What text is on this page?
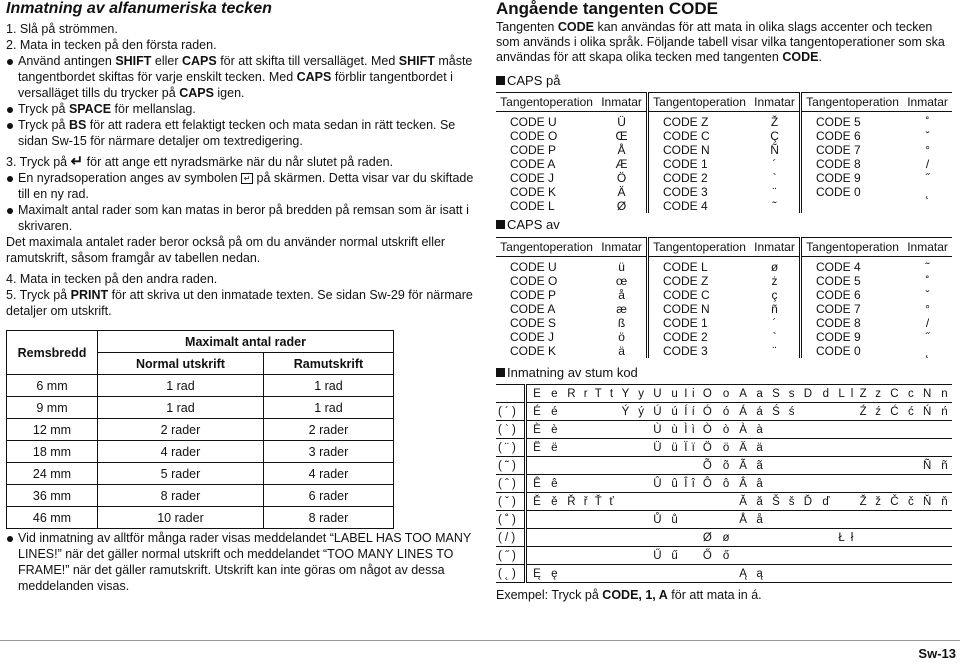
Inmatning av alfanumeriska tecken

1. Slå på strömmen.

2. Mata in tecken på den första raden.

Använd antingen SHIFT eller CAPS för att skifta till versalläget. Med SHIFT måste tangentbordet skiftas för varje enskilt tecken. Med CAPS förblir tangentbordet i versalläget tills du trycker på CAPS igen.

Tryck på SPACE för mellanslag.

Tryck på BS för att radera ett felaktigt tecken och mata sedan in rätt tecken. Se sidan Sw-15 för närmare detaljer om textredigering.

3. Tryck på ↵ för att ange ett nyradsmärke när du når slutet på raden.

En nyradsoperation anges av symbolen ↵ på skärmen. Detta visar var du skiftade till en ny rad.

Maximalt antal rader som kan matas in beror på bredden på remsan som är isatt i skrivaren.

Det maximala antalet rader beror också på om du använder normal utskrift eller ramutskrift, såsom framgår av tabellen nedan.

4. Mata in tecken på den andra raden.

5. Tryck på PRINT för att skriva ut den inmatade texten. Se sidan Sw-29 för närmare detaljer om utskrift.

Remsbredd	Maximalt antal rader	
	Normal utskrift	Ramutskrift
6 mm	1 rad	1 rad
9 mm	1 rad	1 rad
12 mm	2 rader	2 rader
18 mm	4 rader	3 rader
24 mm	5 rader	4 rader
36 mm	8 rader	6 rader
46 mm	10 rader	8 rader

Vid inmatning av alltför många rader visas meddelandet “LABEL HAS TOO MANY LINES!” när det gäller normal utskrift och meddelandet “TOO MANY LINES TO FRAME!” när det gäller ramutskrift. Utskrift kan inte göras om något av dessa meddelanden visas.

Angående tangenten CODE

Tangenten CODE kan användas för att mata in olika slags accenter och tecken som används i olika språk. Följande tabell visar vilka tangentoperationer som ska användas för att skapa olika tecken med tangenten CODE.

CAPS på

Tangentoperation	Inmatar	Tangentoperation	Inmatar	Tangentoperation	Inmatar
CODE U	Ü	CODE Z	Ž	CODE 5	˚
CODE O	Œ	CODE C	Ç	CODE 6	ˇ
CODE P	Å	CODE N	Ñ	CODE 7	°
CODE A	Æ	CODE 1	´	CODE 8	/
CODE J	Ö	CODE 2	`	CODE 9	˝
CODE K	Ä	CODE 3	¨	CODE 0	˛
CODE L	Ø	CODE 4	˜		

CAPS av

Tangentoperation	Inmatar	Tangentoperation	Inmatar	Tangentoperation	Inmatar
CODE U	ü	CODE L	ø	CODE 4	˜
CODE O	œ	CODE Z	ż	CODE 5	˚
CODE P	å	CODE C	ç	CODE 6	ˇ
CODE A	æ	CODE N	ñ	CODE 7	°
CODE S	ß	CODE 1	´	CODE 8	/
CODE J	ö	CODE 2	`	CODE 9	˝
CODE K	ä	CODE 3	¨	CODE 0	˛

Inmatning av stum kod

	E	e	R	r	T	t	Y	y	U	u	I	i	O	o	A	a	S	s	D	d	L	l	Z	z	C	c	N	n
( ´ )	É	é					Ý	ý	Ú	ú	Í	í	Ó	ó	Á	á	Ś	ś					Ź	ź	Ć	ć	Ń	ń
( ` )	È	è							Ù	ù	Ì	ì	Ò	ò	À	à												
( ¨ )	Ë	ë							Ü	ü	Ï	ï	Ö	ö	Ä	ä												
( ˜ )													Õ	õ	Ã	ã											Ñ	ñ
( ˆ )	Ê	ê							Û	û	Î	î	Ô	ô	Â	â												
( ˇ )	Ě	ě	Ř	ř	Ť	ť									Ă	ă	Š	š	Ď	ď			Ž	ž	Č	č	Ň	ň
( ˚ )									Ů	ů					Å	å												
( / )													Ø	ø							Ł	ł						
( ˝ )									Ű	ű			Ő	ő														
( ˛ )	Ę	ę													Ą	ą												

Exempel: Tryck på CODE, 1, A för att mata in á.

Sw-13
